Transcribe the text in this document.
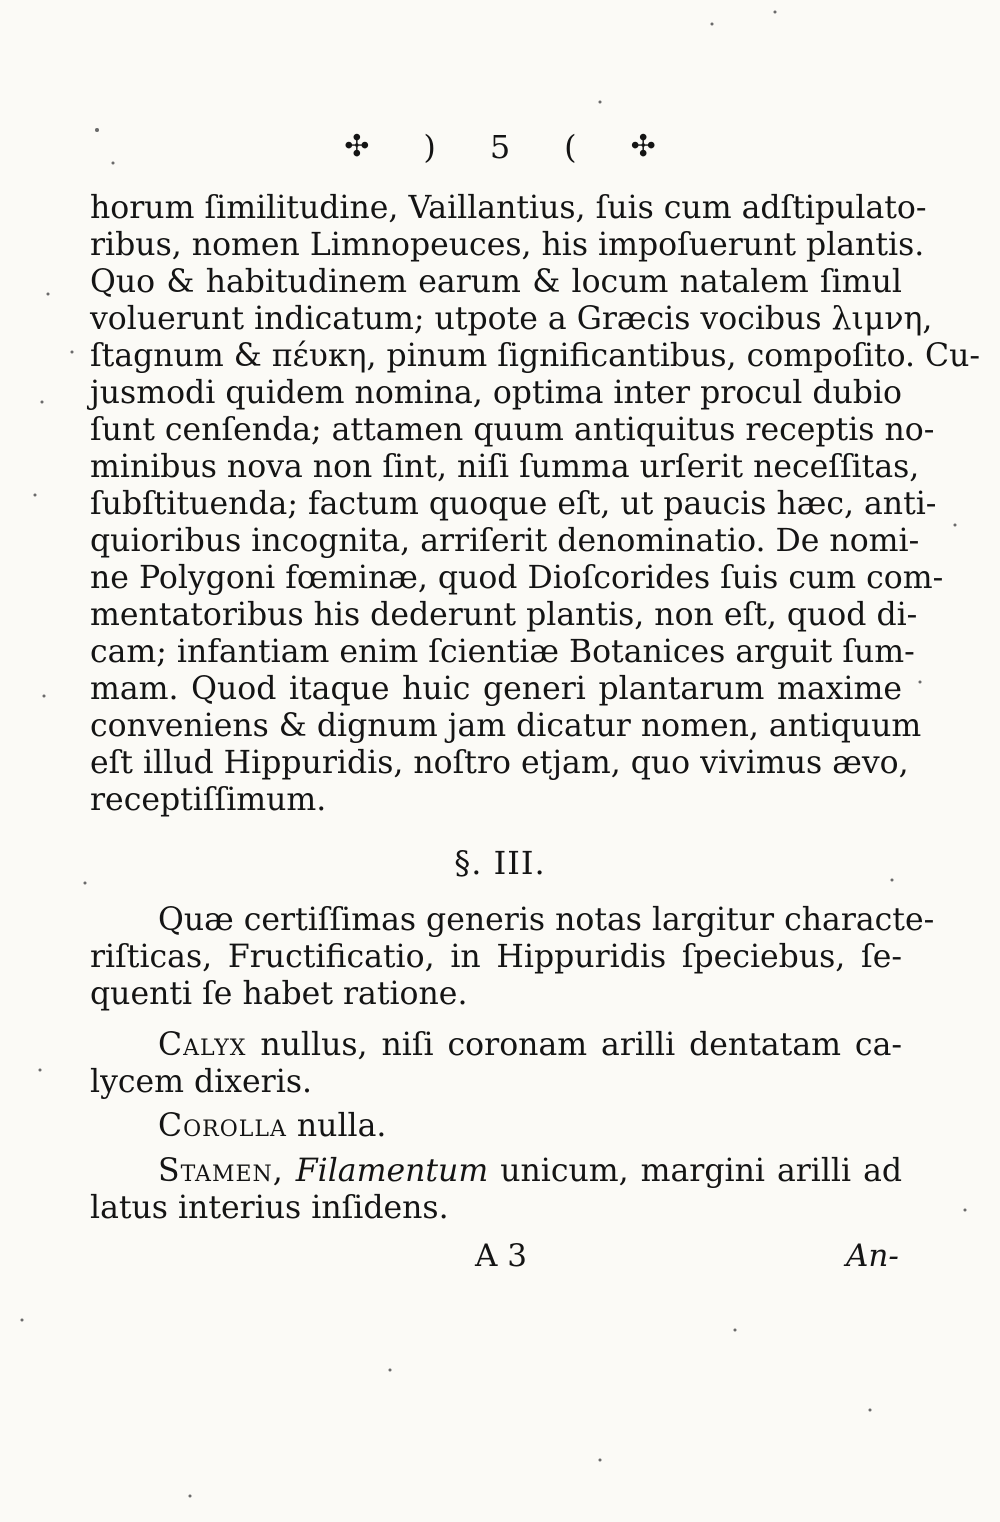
✣ ) 5 ( ✣
horum ſimilitudine, Vaillantius, ſuis cum adſtipulato-
ribus, nomen Limnopeuces, his impoſuerunt plantis.
Quo & habitudinem earum & locum natalem ſimul
voluerunt indicatum; utpote a Græcis vocibus λιμνη,
ſtagnum & πέυκη, pinum ſignificantibus, compoſito. Cu-
jusmodi quidem nomina, optima inter procul dubio
ſunt cenſenda; attamen quum antiquitus receptis no-
minibus nova non ſint, niſi ſumma urſerit neceſſitas,
ſubſtituenda; factum quoque eſt, ut paucis hæc, anti-
quioribus incognita, arriſerit denominatio. De nomi-
ne Polygoni fœminæ, quod Dioſcorides ſuis cum com-
mentatoribus his dederunt plantis, non eſt, quod di-
cam; infantiam enim ſcientiæ Botanices arguit ſum-
mam. Quod itaque huic generi plantarum maxime
conveniens & dignum jam dicatur nomen, antiquum
eſt illud Hippuridis, noſtro etjam, quo vivimus ævo,
receptiſſimum.
§. III.
Quæ certiſſimas generis notas largitur characte-
riſticas, Fructificatio, in Hippuridis ſpeciebus, ſe-
quenti ſe habet ratione.
Calyx nullus, niſi coronam arilli dentatam ca-
lycem dixeris.
Corolla nulla.
Stamen, Filamentum unicum, margini arilli ad
latus interius inſidens.
A 3	An-
